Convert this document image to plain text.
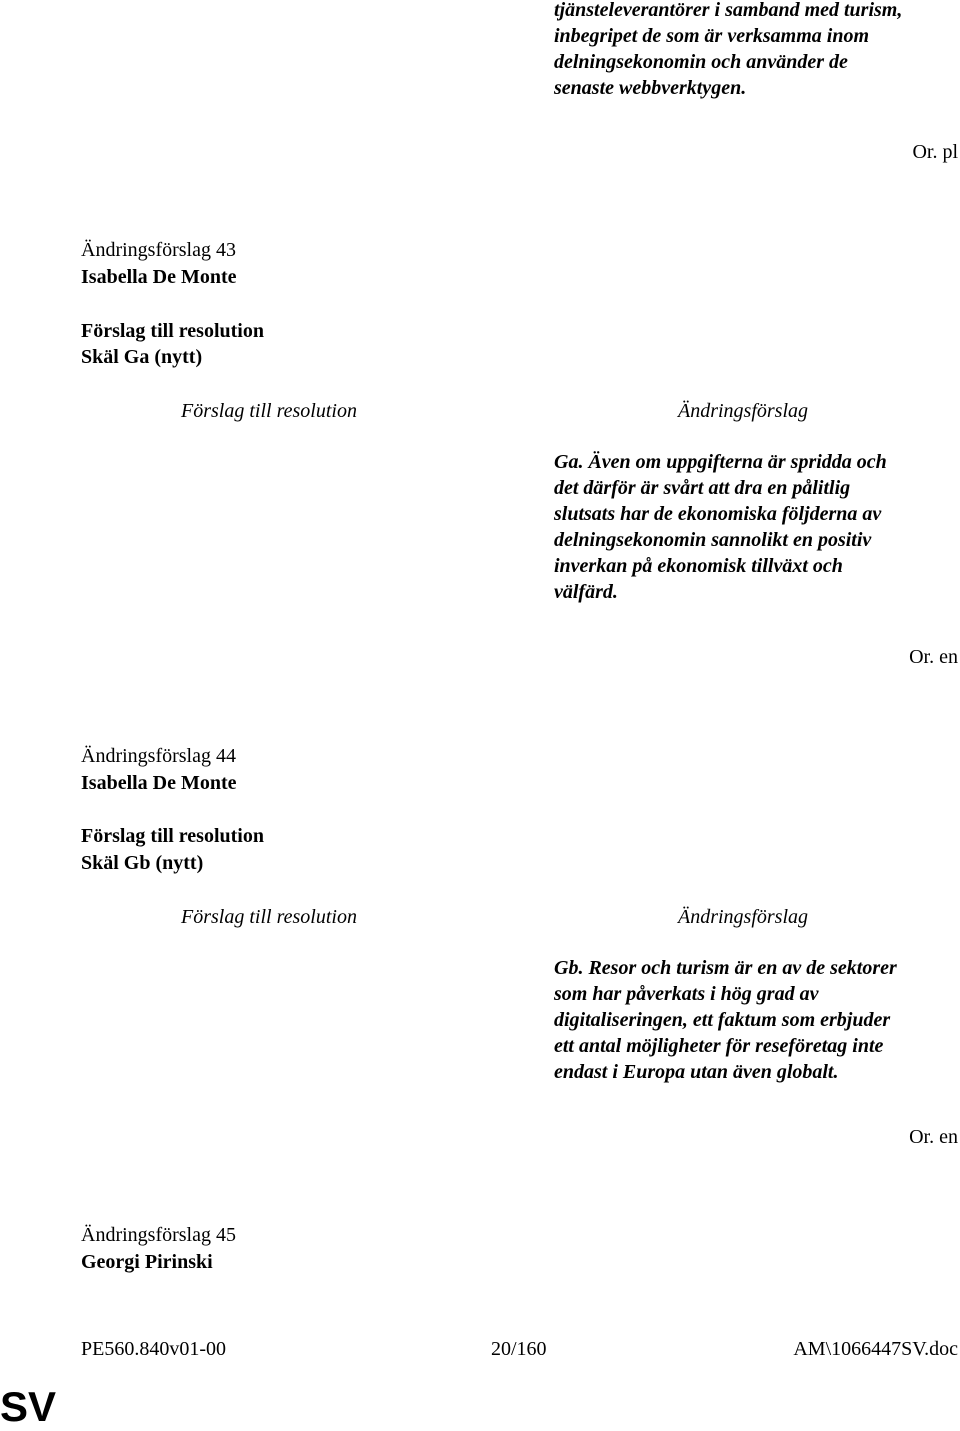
tjänsteleverantörer i samband med turism,
inbegripet de som är verksamma inom
delningsekonomin och använder de
senaste webbverktygen.
Or. pl
Ändringsförslag 43
Isabella De Monte
Förslag till resolution
Skäl Ga (nytt)
Förslag till resolution	Ändringsförslag
Ga. Även om uppgifterna är spridda och
det därför är svårt att dra en pålitlig
slutsats har de ekonomiska följderna av
delningsekonomin sannolikt en positiv
inverkan på ekonomisk tillväxt och
välfärd.
Or. en
Ändringsförslag 44
Isabella De Monte
Förslag till resolution
Skäl Gb (nytt)
Förslag till resolution	Ändringsförslag
Gb. Resor och turism är en av de sektorer
som har påverkats i hög grad av
digitaliseringen, ett faktum som erbjuder
ett antal möjligheter för reseföretag inte
endast i Europa utan även globalt.
Or. en
Ändringsförslag 45
Georgi Pirinski
PE560.840v01-00	20/160	AM\1066447SV.doc
SV
